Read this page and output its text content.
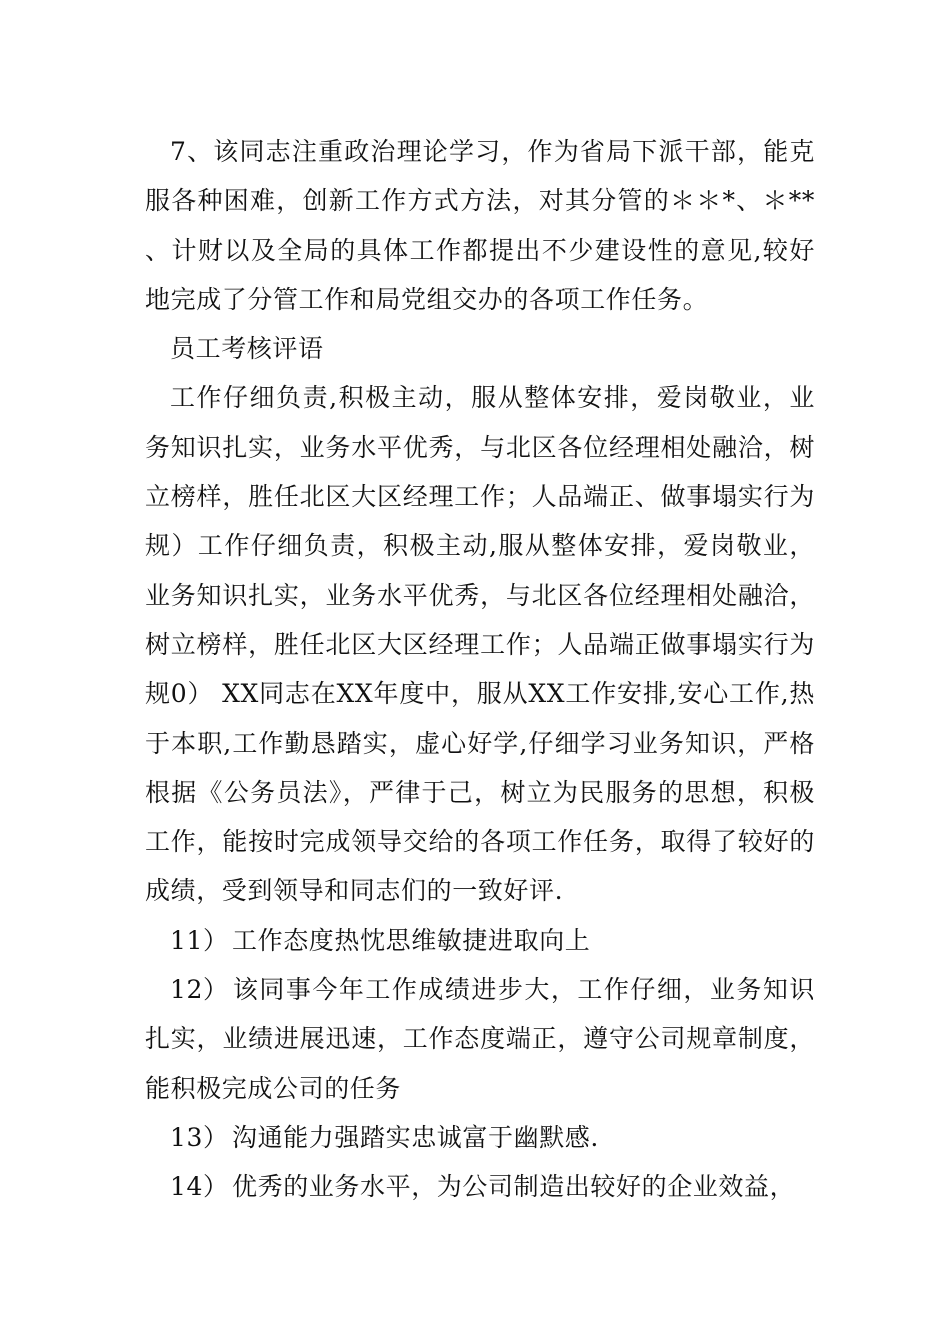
7、该同志注重政治理论学习，作为省局下派干部，能克服各种困难，创新工作方式方法，对其分管的＊＊*、＊**、计财以及全局的具体工作都提出不少建设性的意见,较好地完成了分管工作和局党组交办的各项工作任务。

员工考核评语

工作仔细负责,积极主动，服从整体安排，爱岗敬业，业务知识扎实，业务水平优秀，与北区各位经理相处融洽，树立榜样，胜任北区大区经理工作；人品端正、做事塌实行为规）工作仔细负责，积极主动,服从整体安排，爱岗敬业，业务知识扎实，业务水平优秀，与北区各位经理相处融洽，树立榜样，胜任北区大区经理工作；人品端正做事塌实行为规0） XX同志在XX年度中，服从XX工作安排,安心工作,热于本职,工作勤恳踏实，虚心好学,仔细学习业务知识，严格根据《公务员法》，严律于己，树立为民服务的思想，积极工作，能按时完成领导交给的各项工作任务，取得了较好的成绩，受到领导和同志们的一致好评.

11） 工作态度热忱思维敏捷进取向上

12） 该同事今年工作成绩进步大，工作仔细，业务知识扎实，业绩进展迅速，工作态度端正，遵守公司规章制度，能积极完成公司的任务

13） 沟通能力强踏实忠诚富于幽默感.

14） 优秀的业务水平，为公司制造出较好的企业效益，
